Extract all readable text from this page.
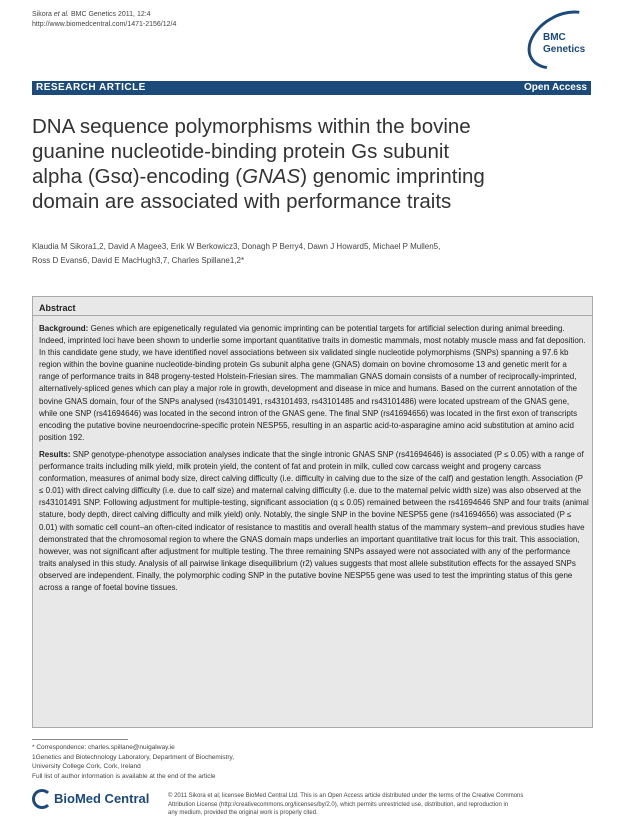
Sikora et al. BMC Genetics 2011, 12:4
http://www.biomedcentral.com/1471-2156/12/4
BMC
Genetics
RESEARCH ARTICLE	Open Access
DNA sequence polymorphisms within the bovine
guanine nucleotide-binding protein Gs subunit
alpha (Gsα)-encoding (GNAS) genomic imprinting
domain are associated with performance traits
Klaudia M Sikora1,2, David A Magee3, Erik W Berkowicz3, Donagh P Berry4, Dawn J Howard5, Michael P Mullen5,
Ross D Evans6, David E MacHugh3,7, Charles Spillane1,2*
Abstract

Background: Genes which are epigenetically regulated via genomic imprinting can be potential targets for artificial selection during animal breeding. Indeed, imprinted loci have been shown to underlie some important quantitative traits in domestic mammals, most notably muscle mass and fat deposition. In this candidate gene study, we have identified novel associations between six validated single nucleotide polymorphisms (SNPs) spanning a 97.6 kb region within the bovine guanine nucleotide-binding protein Gs subunit alpha gene (GNAS) domain on bovine chromosome 13 and genetic merit for a range of performance traits in 848 progeny-tested Holstein-Friesian sires. The mammalian GNAS domain consists of a number of reciprocally-imprinted, alternatively-spliced genes which can play a major role in growth, development and disease in mice and humans. Based on the current annotation of the bovine GNAS domain, four of the SNPs analysed (rs43101491, rs43101493, rs43101485 and rs43101486) were located upstream of the GNAS gene, while one SNP (rs41694646) was located in the second intron of the GNAS gene. The final SNP (rs41694656) was located in the first exon of transcripts encoding the putative bovine neuroendocrine-specific protein NESP55, resulting in an aspartic acid-to-asparagine amino acid substitution at amino acid position 192.

Results: SNP genotype-phenotype association analyses indicate that the single intronic GNAS SNP (rs41694646) is associated (P ≤ 0.05) with a range of performance traits including milk yield, milk protein yield, the content of fat and protein in milk, culled cow carcass weight and progeny carcass conformation, measures of animal body size, direct calving difficulty (i.e. difficulty in calving due to the size of the calf) and gestation length. Association (P ≤ 0.01) with direct calving difficulty (i.e. due to calf size) and maternal calving difficulty (i.e. due to the maternal pelvic width size) was also observed at the rs43101491 SNP. Following adjustment for multiple-testing, significant association (q ≤ 0.05) remained between the rs41694646 SNP and four traits (animal stature, body depth, direct calving difficulty and milk yield) only. Notably, the single SNP in the bovine NESP55 gene (rs41694656) was associated (P ≤ 0.01) with somatic cell count–an often-cited indicator of resistance to mastitis and overall health status of the mammary system–and previous studies have demonstrated that the chromosomal region to where the GNAS domain maps underlies an important quantitative trait locus for this trait. This association, however, was not significant after adjustment for multiple testing. The three remaining SNPs assayed were not associated with any of the performance traits analysed in this study. Analysis of all pairwise linkage disequilibrium (r2) values suggests that most allele substitution effects for the assayed SNPs observed are independent. Finally, the polymorphic coding SNP in the putative bovine NESP55 gene was used to test the imprinting status of this gene across a range of foetal bovine tissues.

* Correspondence: charles.spillane@nuigalway.ie
1Genetics and Biotechnology Laboratory, Department of Biochemistry,
University College Cork, Cork, Ireland
Full list of author information is available at the end of the article
BioMed Central	© 2011 Sikora et al; licensee BioMed Central Ltd. This is an Open Access article distributed under the terms of the Creative Commons
Attribution License (http://creativecommons.org/licenses/by/2.0), which permits unrestricted use, distribution, and reproduction in
any medium, provided the original work is properly cited.
